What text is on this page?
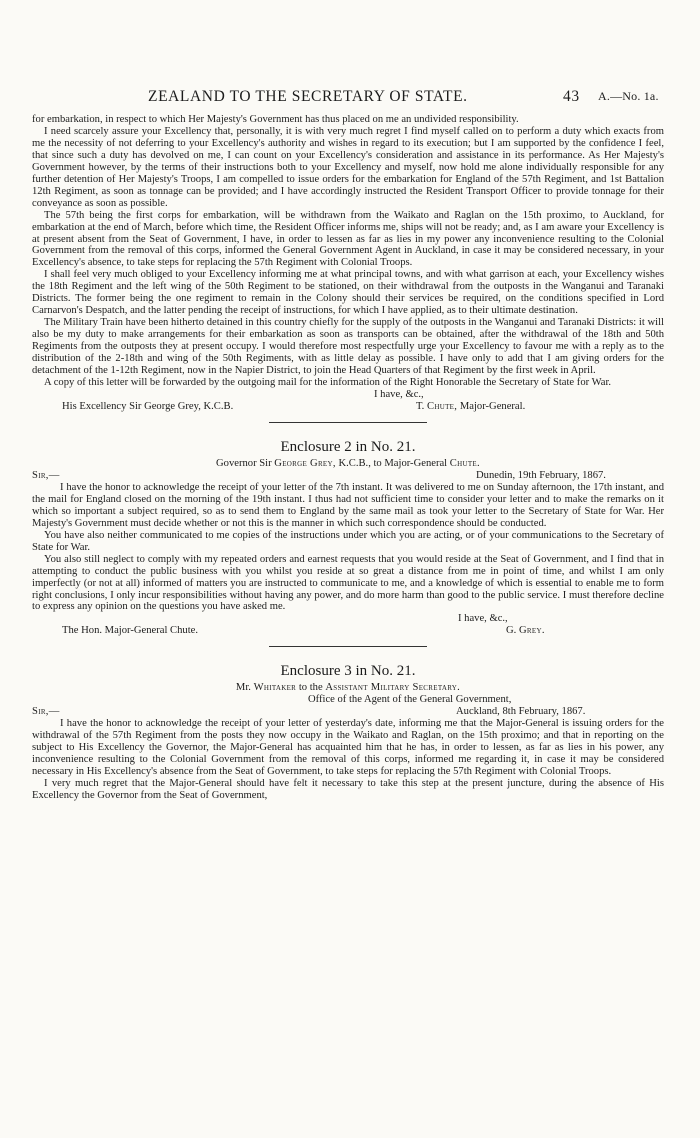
ZEALAND TO THE SECRETARY OF STATE.	43 A.—No. 1a.

for embarkation, in respect to which Her Majesty's Government has thus placed on me an undivided responsibility.

I need scarcely assure your Excellency that, personally, it is with very much regret I find myself called on to perform a duty which exacts from me the necessity of not deferring to your Excellency's authority and wishes in regard to its execution; but I am supported by the confidence I feel, that since such a duty has devolved on me, I can count on your Excellency's consideration and assistance in its performance. As Her Majesty's Government however, by the terms of their instructions both to your Excellency and myself, now hold me alone individually responsible for any further detention of Her Majesty's Troops, I am compelled to issue orders for the embarkation for England of the 57th Regiment, and 1st Battalion 12th Regiment, as soon as tonnage can be provided; and I have accordingly instructed the Resident Transport Officer to provide tonnage for their conveyance as soon as possible.

The 57th being the first corps for embarkation, will be withdrawn from the Waikato and Raglan on the 15th proximo, to Auckland, for embarkation at the end of March, before which time, the Resident Officer informs me, ships will not be ready; and, as I am aware your Excellency is at present absent from the Seat of Government, I have, in order to lessen as far as lies in my power any inconvenience resulting to the Colonial Government from the removal of this corps, informed the General Government Agent in Auckland, in case it may be considered necessary, in your Excellency's absence, to take steps for replacing the 57th Regiment with Colonial Troops.

I shall feel very much obliged to your Excellency informing me at what principal towns, and with what garrison at each, your Excellency wishes the 18th Regiment and the left wing of the 50th Regiment to be stationed, on their withdrawal from the outposts in the Wanganui and Taranaki Districts. The former being the one regiment to remain in the Colony should their services be required, on the conditions specified in Lord Carnarvon's Despatch, and the latter pending the receipt of instructions, for which I have applied, as to their ultimate destination.

The Military Train have been hitherto detained in this country chiefly for the supply of the outposts in the Wanganui and Taranaki Districts: it will also be my duty to make arrangements for their embarkation as soon as transports can be obtained, after the withdrawal of the 18th and 50th Regiments from the outposts they at present occupy. I would therefore most respectfully urge your Excellency to favour me with a reply as to the distribution of the 2-18th and wing of the 50th Regiments, with as little delay as possible. I have only to add that I am giving orders for the detachment of the 1-12th Regiment, now in the Napier District, to join the Head Quarters of that Regiment by the first week in April.

A copy of this letter will be forwarded by the outgoing mail for the information of the Right Honorable the Secretary of State for War.

I have, &c.,
His Excellency Sir George Grey, K.C.B.	T. Chute, Major-General.
Enclosure 2 in No. 21.
Governor Sir George Grey, K.C.B., to Major-General Chute.
Sir,—	Dunedin, 19th February, 1867.

I have the honor to acknowledge the receipt of your letter of the 7th instant. It was delivered to me on Sunday afternoon, the 17th instant, and the mail for England closed on the morning of the 19th instant. I thus had not sufficient time to consider your letter and to make the remarks on it which so important a subject required, so as to send them to England by the same mail as took your letter to the Secretary of State for War. Her Majesty's Government must decide whether or not this is the manner in which such correspondence should be conducted.

You have also neither communicated to me copies of the instructions under which you are acting, or of your communications to the Secretary of State for War.

You also still neglect to comply with my repeated orders and earnest requests that you would reside at the Seat of Government, and I find that in attempting to conduct the public business with you whilst you reside at so great a distance from me in point of time, and whilst I am only imperfectly (or not at all) informed of matters you are instructed to communicate to me, and a knowledge of which is essential to enable me to form right conclusions, I only incur responsibilities without having any power, and do more harm than good to the public service. I must therefore decline to express any opinion on the questions you have asked me.

I have, &c.,
The Hon. Major-General Chute.	G. Grey.
Enclosure 3 in No. 21.
Mr. Whitaker to the Assistant Military Secretary.
Office of the Agent of the General Government,
Sir,—	Auckland, 8th February, 1867.

I have the honor to acknowledge the receipt of your letter of yesterday's date, informing me that the Major-General is issuing orders for the withdrawal of the 57th Regiment from the posts they now occupy in the Waikato and Raglan, on the 15th proximo; and that in reporting on the subject to His Excellency the Governor, the Major-General has acquainted him that he has, in order to lessen, as far as lies in his power, any inconvenience resulting to the Colonial Government from the removal of this corps, informed me regarding it, in case it may be considered necessary in His Excellency's absence from the Seat of Government, to take steps for replacing the 57th Regiment with Colonial Troops.

I very much regret that the Major-General should have felt it necessary to take this step at the present juncture, during the absence of His Excellency the Governor from the Seat of Government,
